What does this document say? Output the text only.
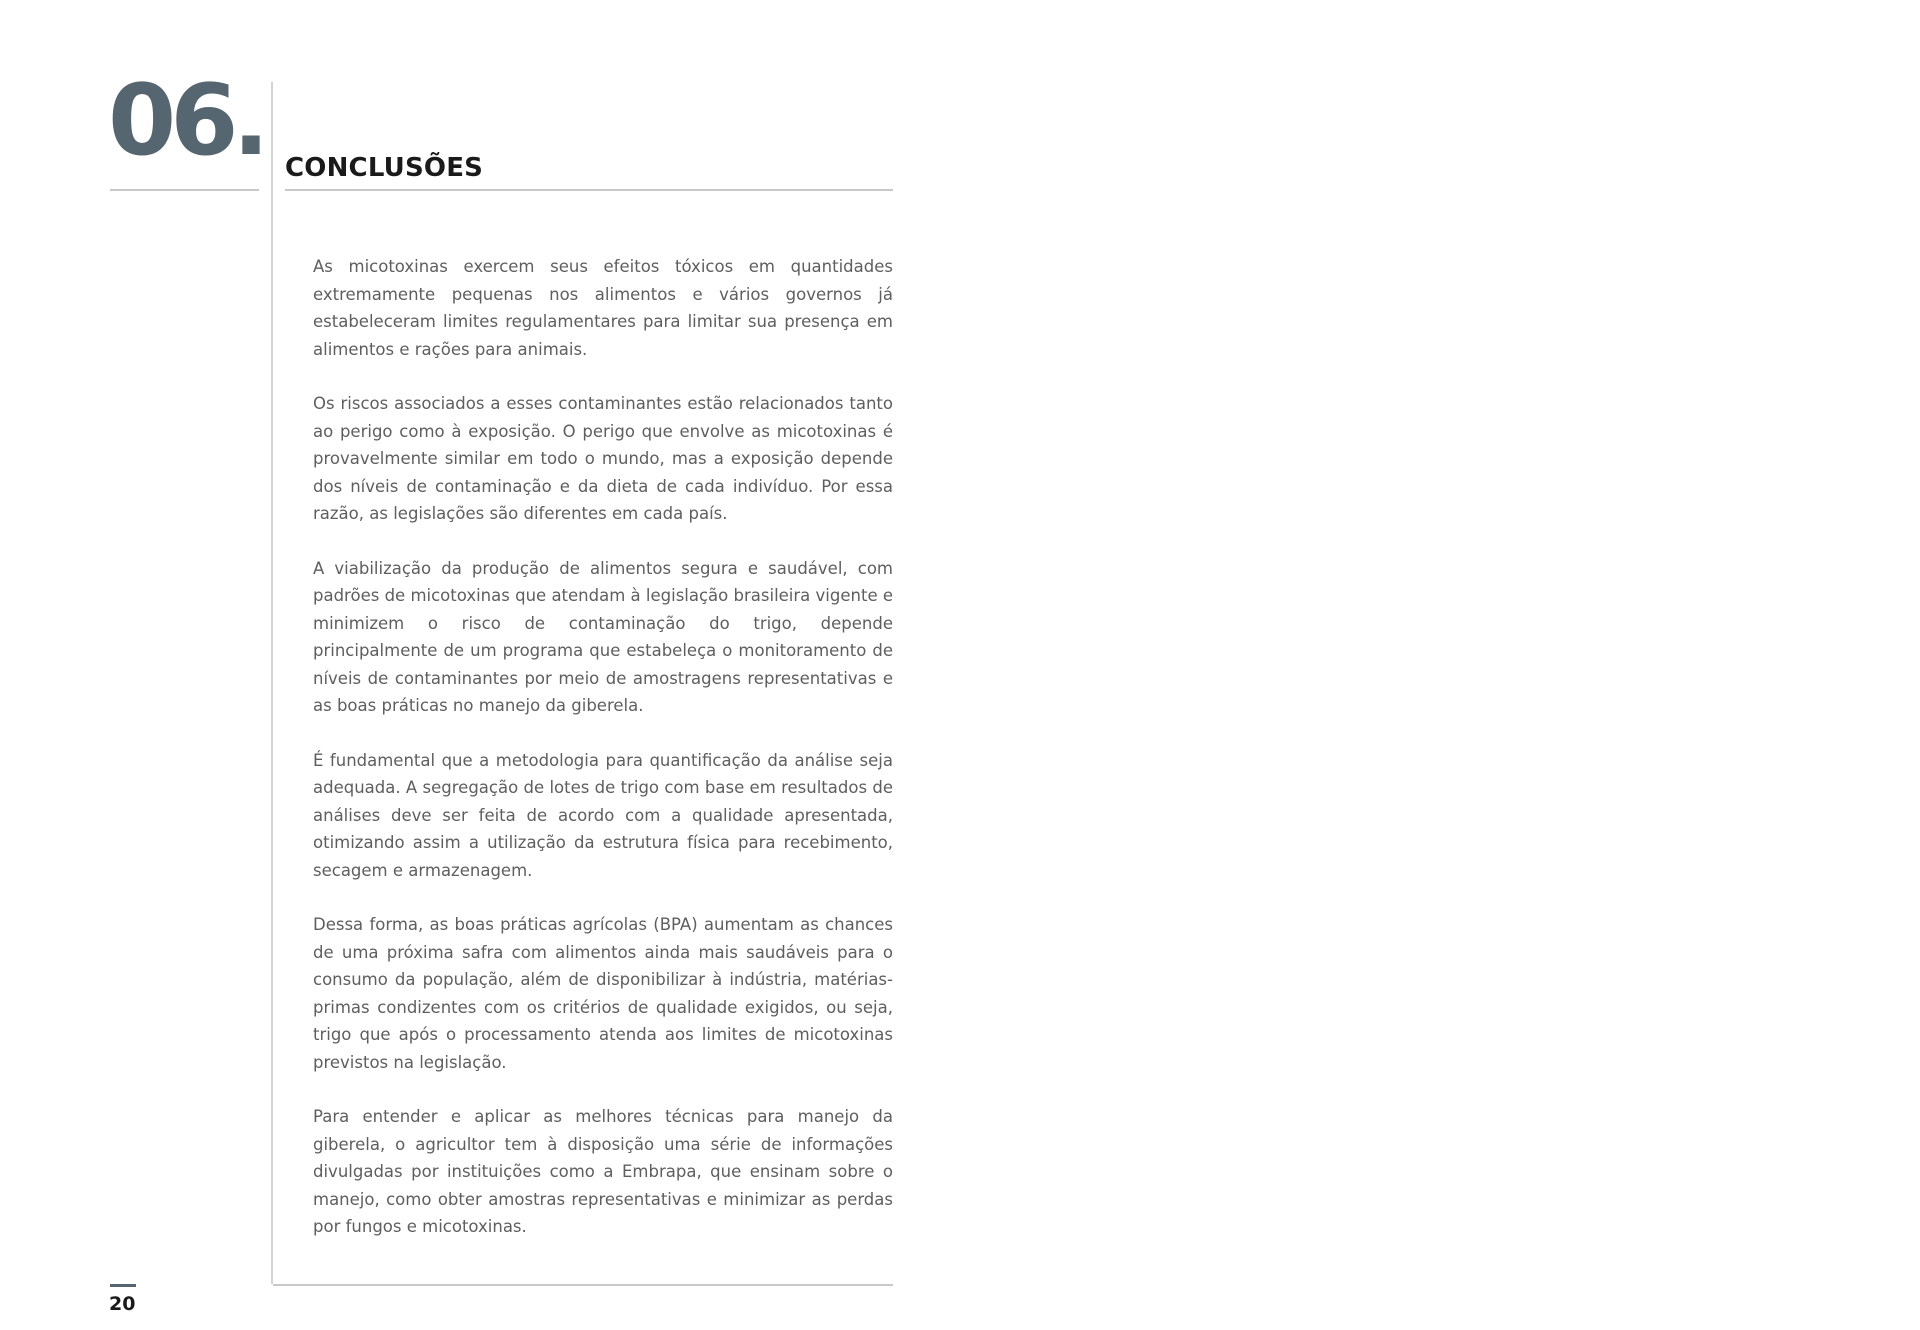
06. CONCLUSÕES

As micotoxinas exercem seus efeitos tóxicos em quantidades extremamente pequenas nos alimentos e vários governos já estabeleceram limites regulamentares para limitar sua presença em alimentos e rações para animais.

Os riscos associados a esses contaminantes estão relacionados tanto ao perigo como à exposição. O perigo que envolve as micotoxinas é provavelmente similar em todo o mundo, mas a exposição depende dos níveis de contaminação e da dieta de cada indivíduo. Por essa razão, as legislações são diferentes em cada país.

A viabilização da produção de alimentos segura e saudável, com padrões de micotoxinas que atendam à legislação brasileira vigente e minimizem o risco de contaminação do trigo, depende principalmente de um programa que estabeleça o monitoramento de níveis de contaminantes por meio de amostragens representativas e as boas práticas no manejo da giberela.

É fundamental que a metodologia para quantificação da análise seja adequada. A segregação de lotes de trigo com base em resultados de análises deve ser feita de acordo com a qualidade apresentada, otimizando assim a utilização da estrutura física para recebimento, secagem e armazenagem.

Dessa forma, as boas práticas agrícolas (BPA) aumentam as chances de uma próxima safra com alimentos ainda mais saudáveis para o consumo da população, além de disponibilizar à indústria, matérias-primas condizentes com os critérios de qualidade exigidos, ou seja, trigo que após o processamento atenda aos limites de micotoxinas previstos na legislação.

Para entender e aplicar as melhores técnicas para manejo da giberela, o agricultor tem à disposição uma série de informações divulgadas por instituições como a Embrapa, que ensinam sobre o manejo, como obter amostras representativas e minimizar as perdas por fungos e micotoxinas.

20
